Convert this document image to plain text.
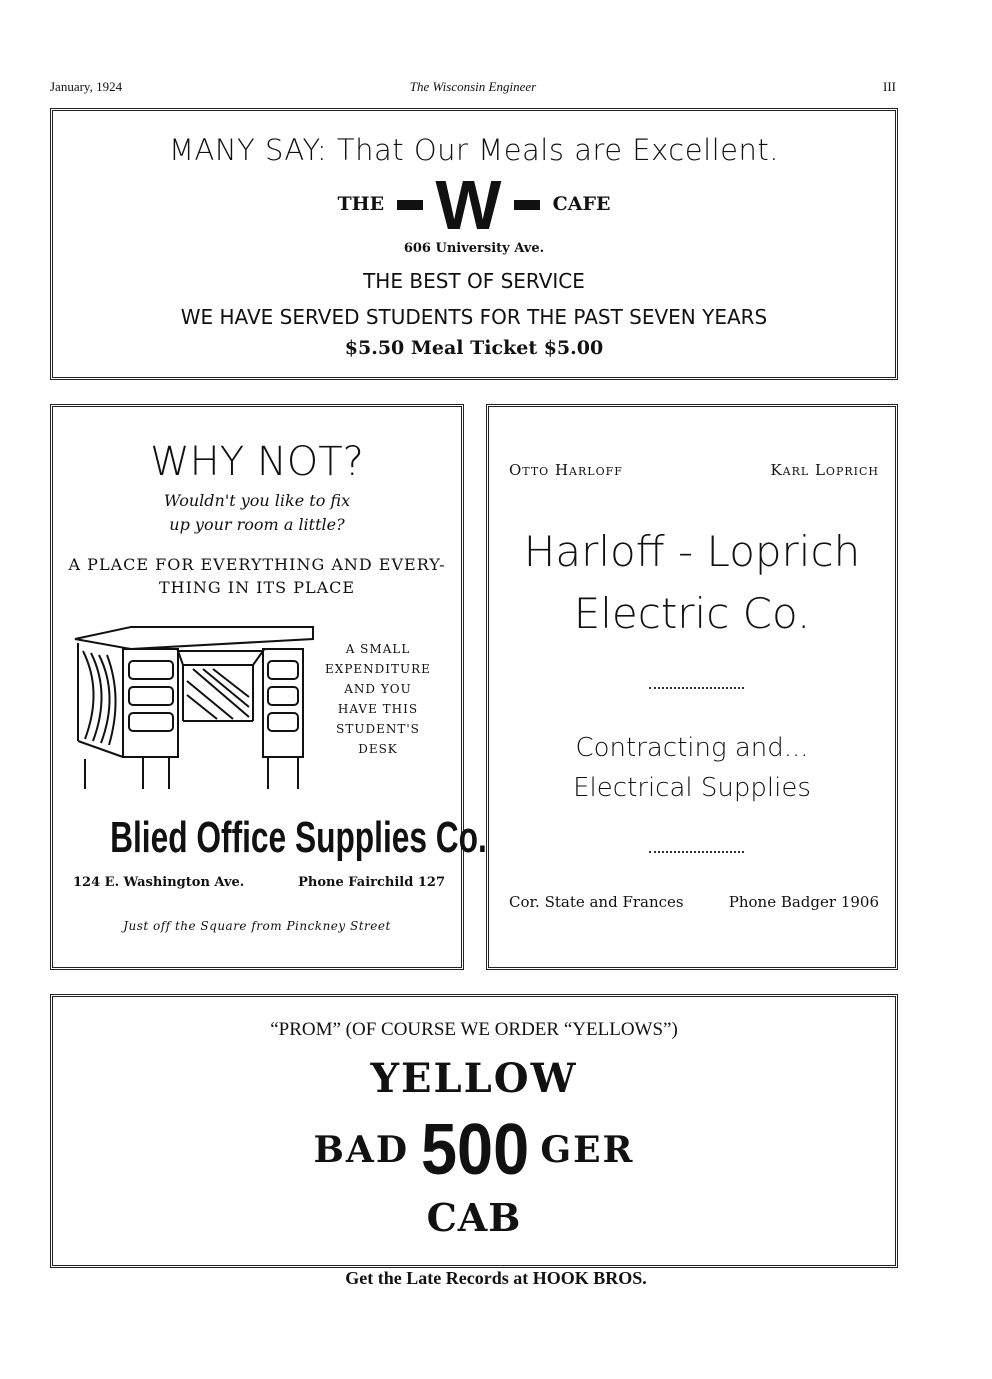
January, 1924	The Wisconsin Engineer	III
MANY SAY: That Our Meals are Excellent.
THE W	CAFE
606 University Ave.
THE BEST OF SERVICE
WE HAVE SERVED STUDENTS FOR THE PAST SEVEN YEARS
$5.50 Meal Ticket $5.00
WHY NOT?
Wouldn't you like to fix
up your room a little?
A PLACE FOR EVERYTHING AND EVERY-
THING IN ITS PLACE
A SMALL
EXPENDITURE
AND YOU
HAVE THIS
STUDENT'S
DESK
Blied Office Supplies Co.
124 E. Washington Ave.	Phone Fairchild 127
Just off the Square from Pinckney Street
Otto Harloff	Karl Loprich
Harloff - Loprich
Electric Co.
Contracting and...
Electrical Supplies
Cor. State and Frances	Phone Badger 1906
“PROM” (OF COURSE WE ORDER “YELLOWS”)
YELLOW
BAD 500 GER
CAB
Get the Late Records at HOOK BROS.
